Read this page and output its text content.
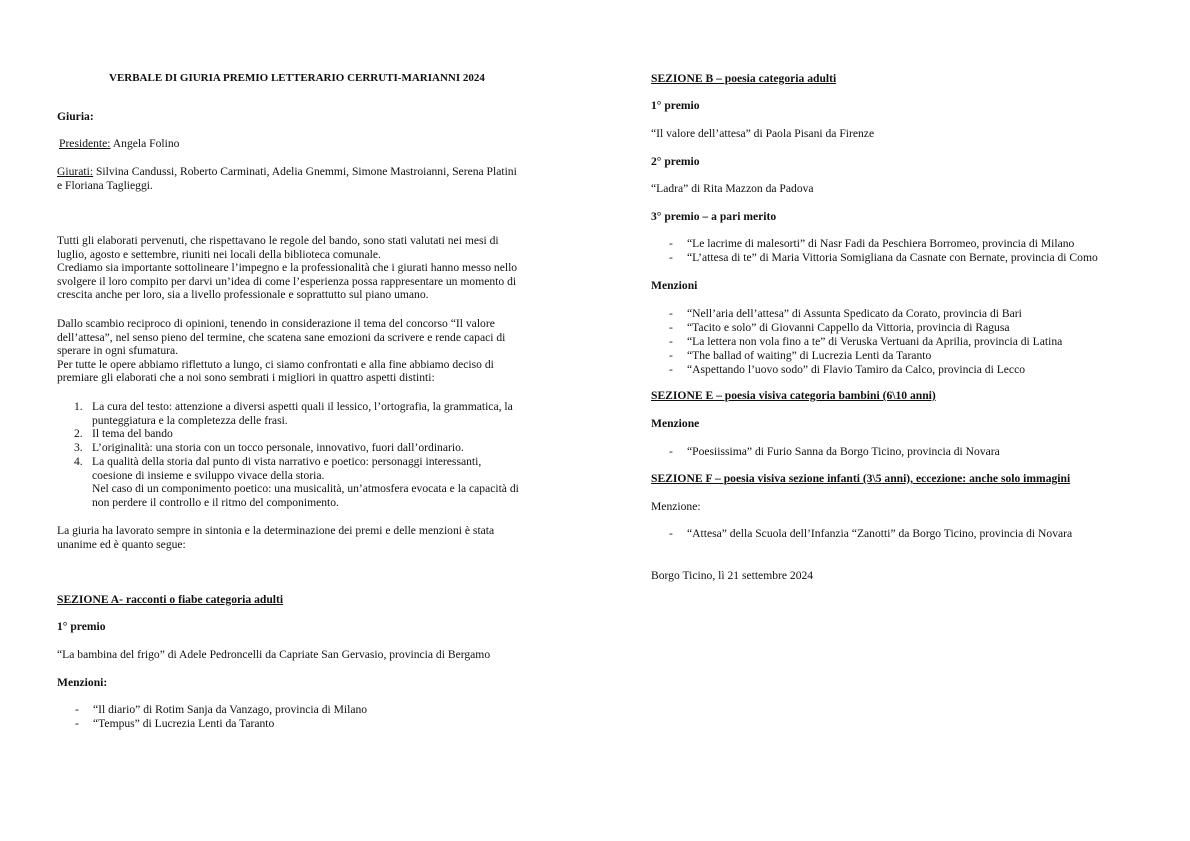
VERBALE DI GIURIA PREMIO LETTERARIO CERRUTI-MARIANNI 2024
Giuria:
Presidente: Angela Folino
Giurati: Silvina Candussi, Roberto Carminati, Adelia Gnemmi, Simone Mastroianni, Serena Platini
e Floriana Taglieggi.
Tutti gli elaborati pervenuti, che rispettavano le regole del bando, sono stati valutati nei mesi di
luglio, agosto e settembre, riuniti nei locali della biblioteca comunale.
Crediamo sia importante sottolineare l’impegno e la professionalità che i giurati hanno messo nello
svolgere il loro compito per darvi un’idea di come l’esperienza possa rappresentare un momento di
crescita anche per loro, sia a livello professionale e soprattutto sul piano umano.
Dallo scambio reciproco di opinioni, tenendo in considerazione il tema del concorso “Il valore
dell’attesa”, nel senso pieno del termine, che scatena sane emozioni da scrivere e rende capaci di
sperare in ogni sfumatura.
Per tutte le opere abbiamo riflettuto a lungo, ci siamo confrontati e alla fine abbiamo deciso di
premiare gli elaborati che a noi sono sembrati i migliori in quattro aspetti distinti:
1. La cura del testo: attenzione a diversi aspetti quali il lessico, l’ortografia, la grammatica, la
punteggiatura e la completezza delle frasi.
2. Il tema del bando
3. L’originalità: una storia con un tocco personale, innovativo, fuori dall’ordinario.
4. La qualità della storia dal punto di vista narrativo e poetico: personaggi interessanti,
coesione di insieme e sviluppo vivace della storia.
Nel caso di un componimento poetico: una musicalità, un’atmosfera evocata e la capacità di
non perdere il controllo e il ritmo del componimento.
La giuria ha lavorato sempre in sintonia e la determinazione dei premi e delle menzioni è stata
unanime ed è quanto segue:
SEZIONE A- racconti o fiabe categoria adulti
1° premio
“La bambina del frigo” di Adele Pedroncelli da Capriate San Gervasio, provincia di Bergamo
Menzioni:
- “Il diario” di Rotim Sanja da Vanzago, provincia di Milano
- “Tempus” di Lucrezia Lenti da Taranto
SEZIONE B – poesia categoria adulti
1° premio
“Il valore dell’attesa” di Paola Pisani da Firenze
2° premio
“Ladra” di Rita Mazzon da Padova
3° premio – a pari merito
- “Le lacrime di malesorti” di Nasr Fadi da Peschiera Borromeo, provincia di Milano
- “L’attesa di te” di Maria Vittoria Somigliana da Casnate con Bernate, provincia di Como
Menzioni
- “Nell’aria dell’attesa” di Assunta Spedicato da Corato, provincia di Bari
- “Tacito e solo” di Giovanni Cappello da Vittoria, provincia di Ragusa
- “La lettera non vola fino a te” di Veruska Vertuani da Aprilia, provincia di Latina
- “The ballad of waiting” di Lucrezia Lenti da Taranto
- “Aspettando l’uovo sodo” di Flavio Tamiro da Calco, provincia di Lecco
SEZIONE E – poesia visiva categoria bambini (6\10 anni)
Menzione
- “Poesiissima” di Furio Sanna da Borgo Ticino, provincia di Novara
SEZIONE F – poesia visiva sezione infanti (3\5 anni), eccezione: anche solo immagini
Menzione:
- “Attesa” della Scuola dell’Infanzia “Zanotti” da Borgo Ticino, provincia di Novara
Borgo Ticino, lì 21 settembre 2024
